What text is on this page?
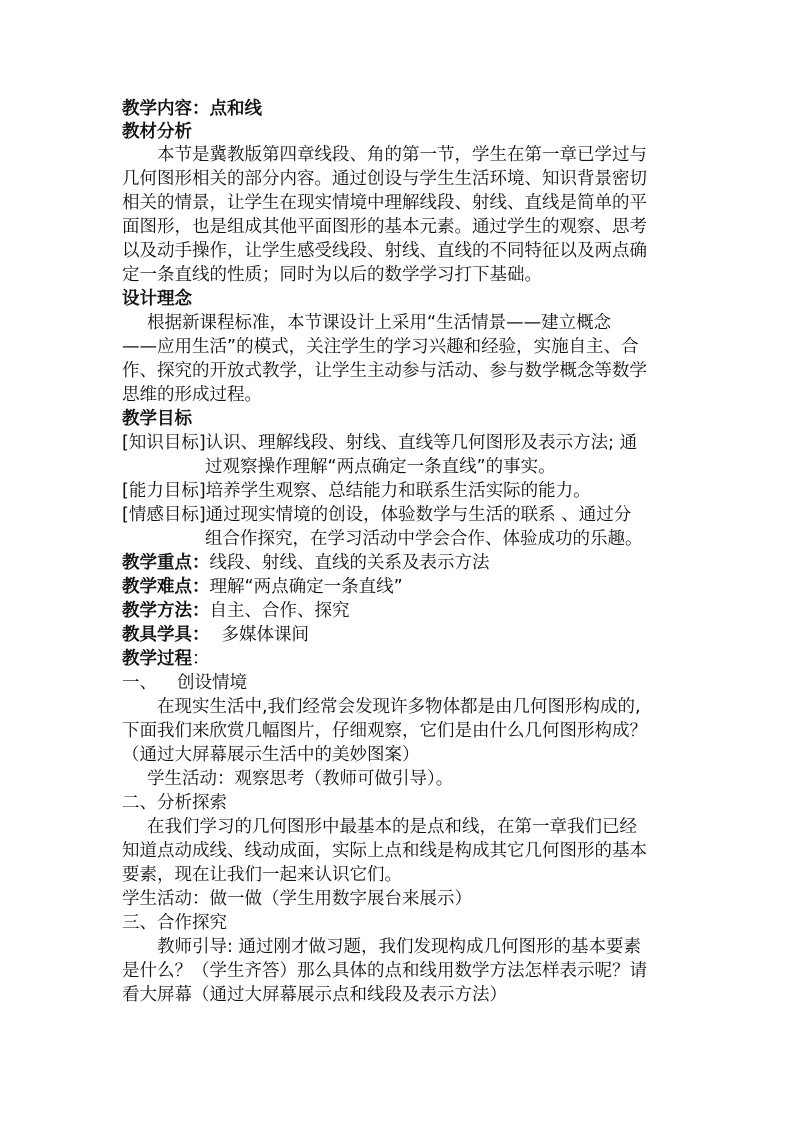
教学内容：点和线
教材分析
本节是冀教版第四章线段、角的第一节，学生在第一章已学过与
几何图形相关的部分内容。通过创设与学生生活环境、知识背景密切
相关的情景，让学生在现实情境中理解线段、射线、直线是简单的平
面图形，也是组成其他平面图形的基本元素。通过学生的观察、思考
以及动手操作，让学生感受线段、射线、直线的不同特征以及两点确
定一条直线的性质；同时为以后的数学学习打下基础。
设计理念
根据新课程标准，本节课设计上采用“生活情景——建立概念
——应用生活”的模式，关注学生的学习兴趣和经验，实施自主、合
作、探究的开放式教学，让学生主动参与活动、参与数学概念等数学
思维的形成过程。
教学目标
[知识目标]认识、理解线段、射线、直线等几何图形及表示方法; 通
过观察操作理解“两点确定一条直线”的事实。
[能力目标]培养学生观察、总结能力和联系生活实际的能力。
[情感目标]通过现实情境的创设，体验数学与生活的联系 、通过分
组合作探究，在学习活动中学会合作、体验成功的乐趣。
教学重点：线段、射线、直线的关系及表示方法
教学难点：理解“两点确定一条直线”
教学方法：自主、合作、探究
教具学具： 多媒体课间
教学过程：
一、 创设情境
在现实生活中,我们经常会发现许多物体都是由几何图形构成的,
下面我们来欣赏几幅图片，仔细观察，它们是由什么几何图形构成？
（通过大屏幕展示生活中的美妙图案）
学生活动：观察思考（教师可做引导）。
二、分析探索
在我们学习的几何图形中最基本的是点和线，在第一章我们已经
知道点动成线、线动成面，实际上点和线是构成其它几何图形的基本
要素，现在让我们一起来认识它们。
学生活动：做一做（学生用数字展台来展示）
三、合作探究
教师引导: 通过刚才做习题，我们发现构成几何图形的基本要素
是什么？（学生齐答）那么具体的点和线用数学方法怎样表示呢？请
看大屏幕（通过大屏幕展示点和线段及表示方法）
